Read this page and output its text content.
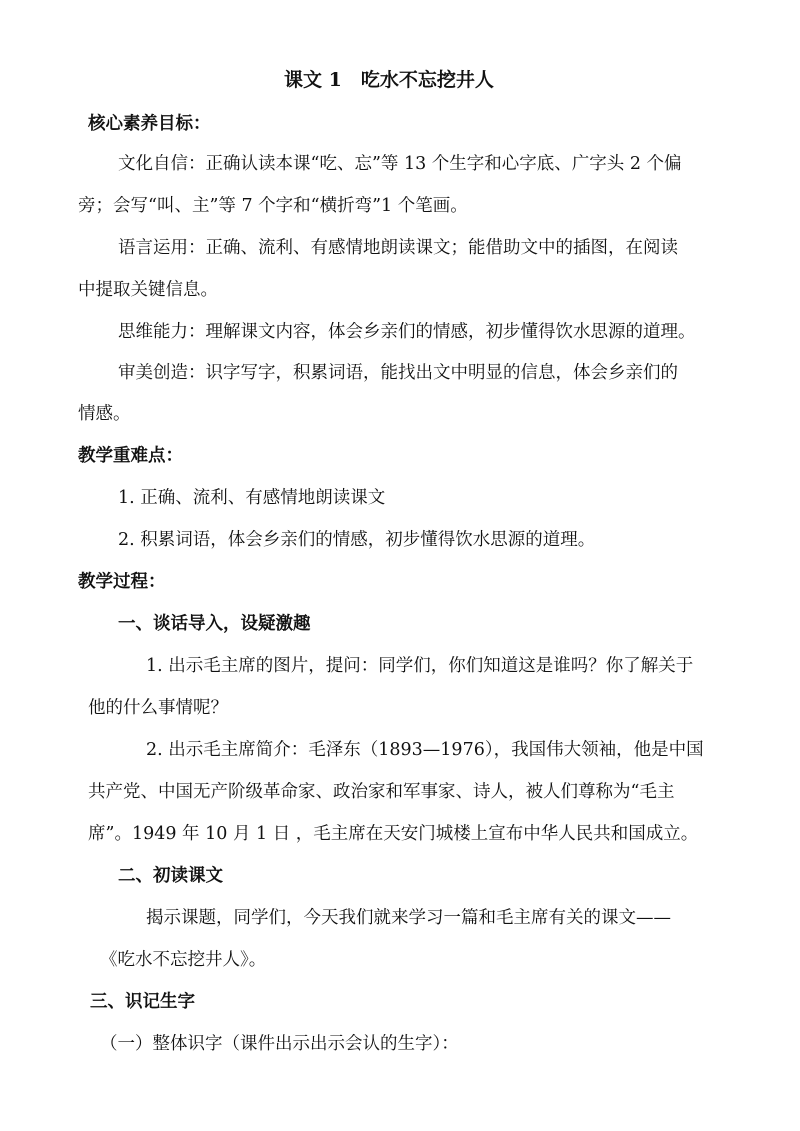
课文 1　吃水不忘挖井人
核心素养目标：
文化自信：正确认读本课“吃、忘”等 13 个生字和心字底、广字头 2 个偏
旁；会写“叫、主”等 7 个字和“横折弯”1 个笔画。
语言运用：正确、流利、有感情地朗读课文；能借助文中的插图，在阅读
中提取关键信息。
思维能力：理解课文内容，体会乡亲们的情感，初步懂得饮水思源的道理。
审美创造：识字写字，积累词语，能找出文中明显的信息，体会乡亲们的
情感。
教学重难点：
1. 正确、流利、有感情地朗读课文
2. 积累词语，体会乡亲们的情感，初步懂得饮水思源的道理。
教学过程：
一、谈话导入，设疑激趣
1. 出示毛主席的图片，提问：同学们，你们知道这是谁吗？你了解关于
他的什么事情呢？
2. 出示毛主席简介：毛泽东（1893—1976），我国伟大领袖，他是中国
共产党、中国无产阶级革命家、政治家和军事家、诗人，被人们尊称为“毛主
席”。1949 年 10 月 1 日 ，毛主席在天安门城楼上宣布中华人民共和国成立。
二、初读课文
揭示课题，同学们，今天我们就来学习一篇和毛主席有关的课文——
《吃水不忘挖井人》。
三、识记生字
（一）整体识字（课件出示出示会认的生字）：
